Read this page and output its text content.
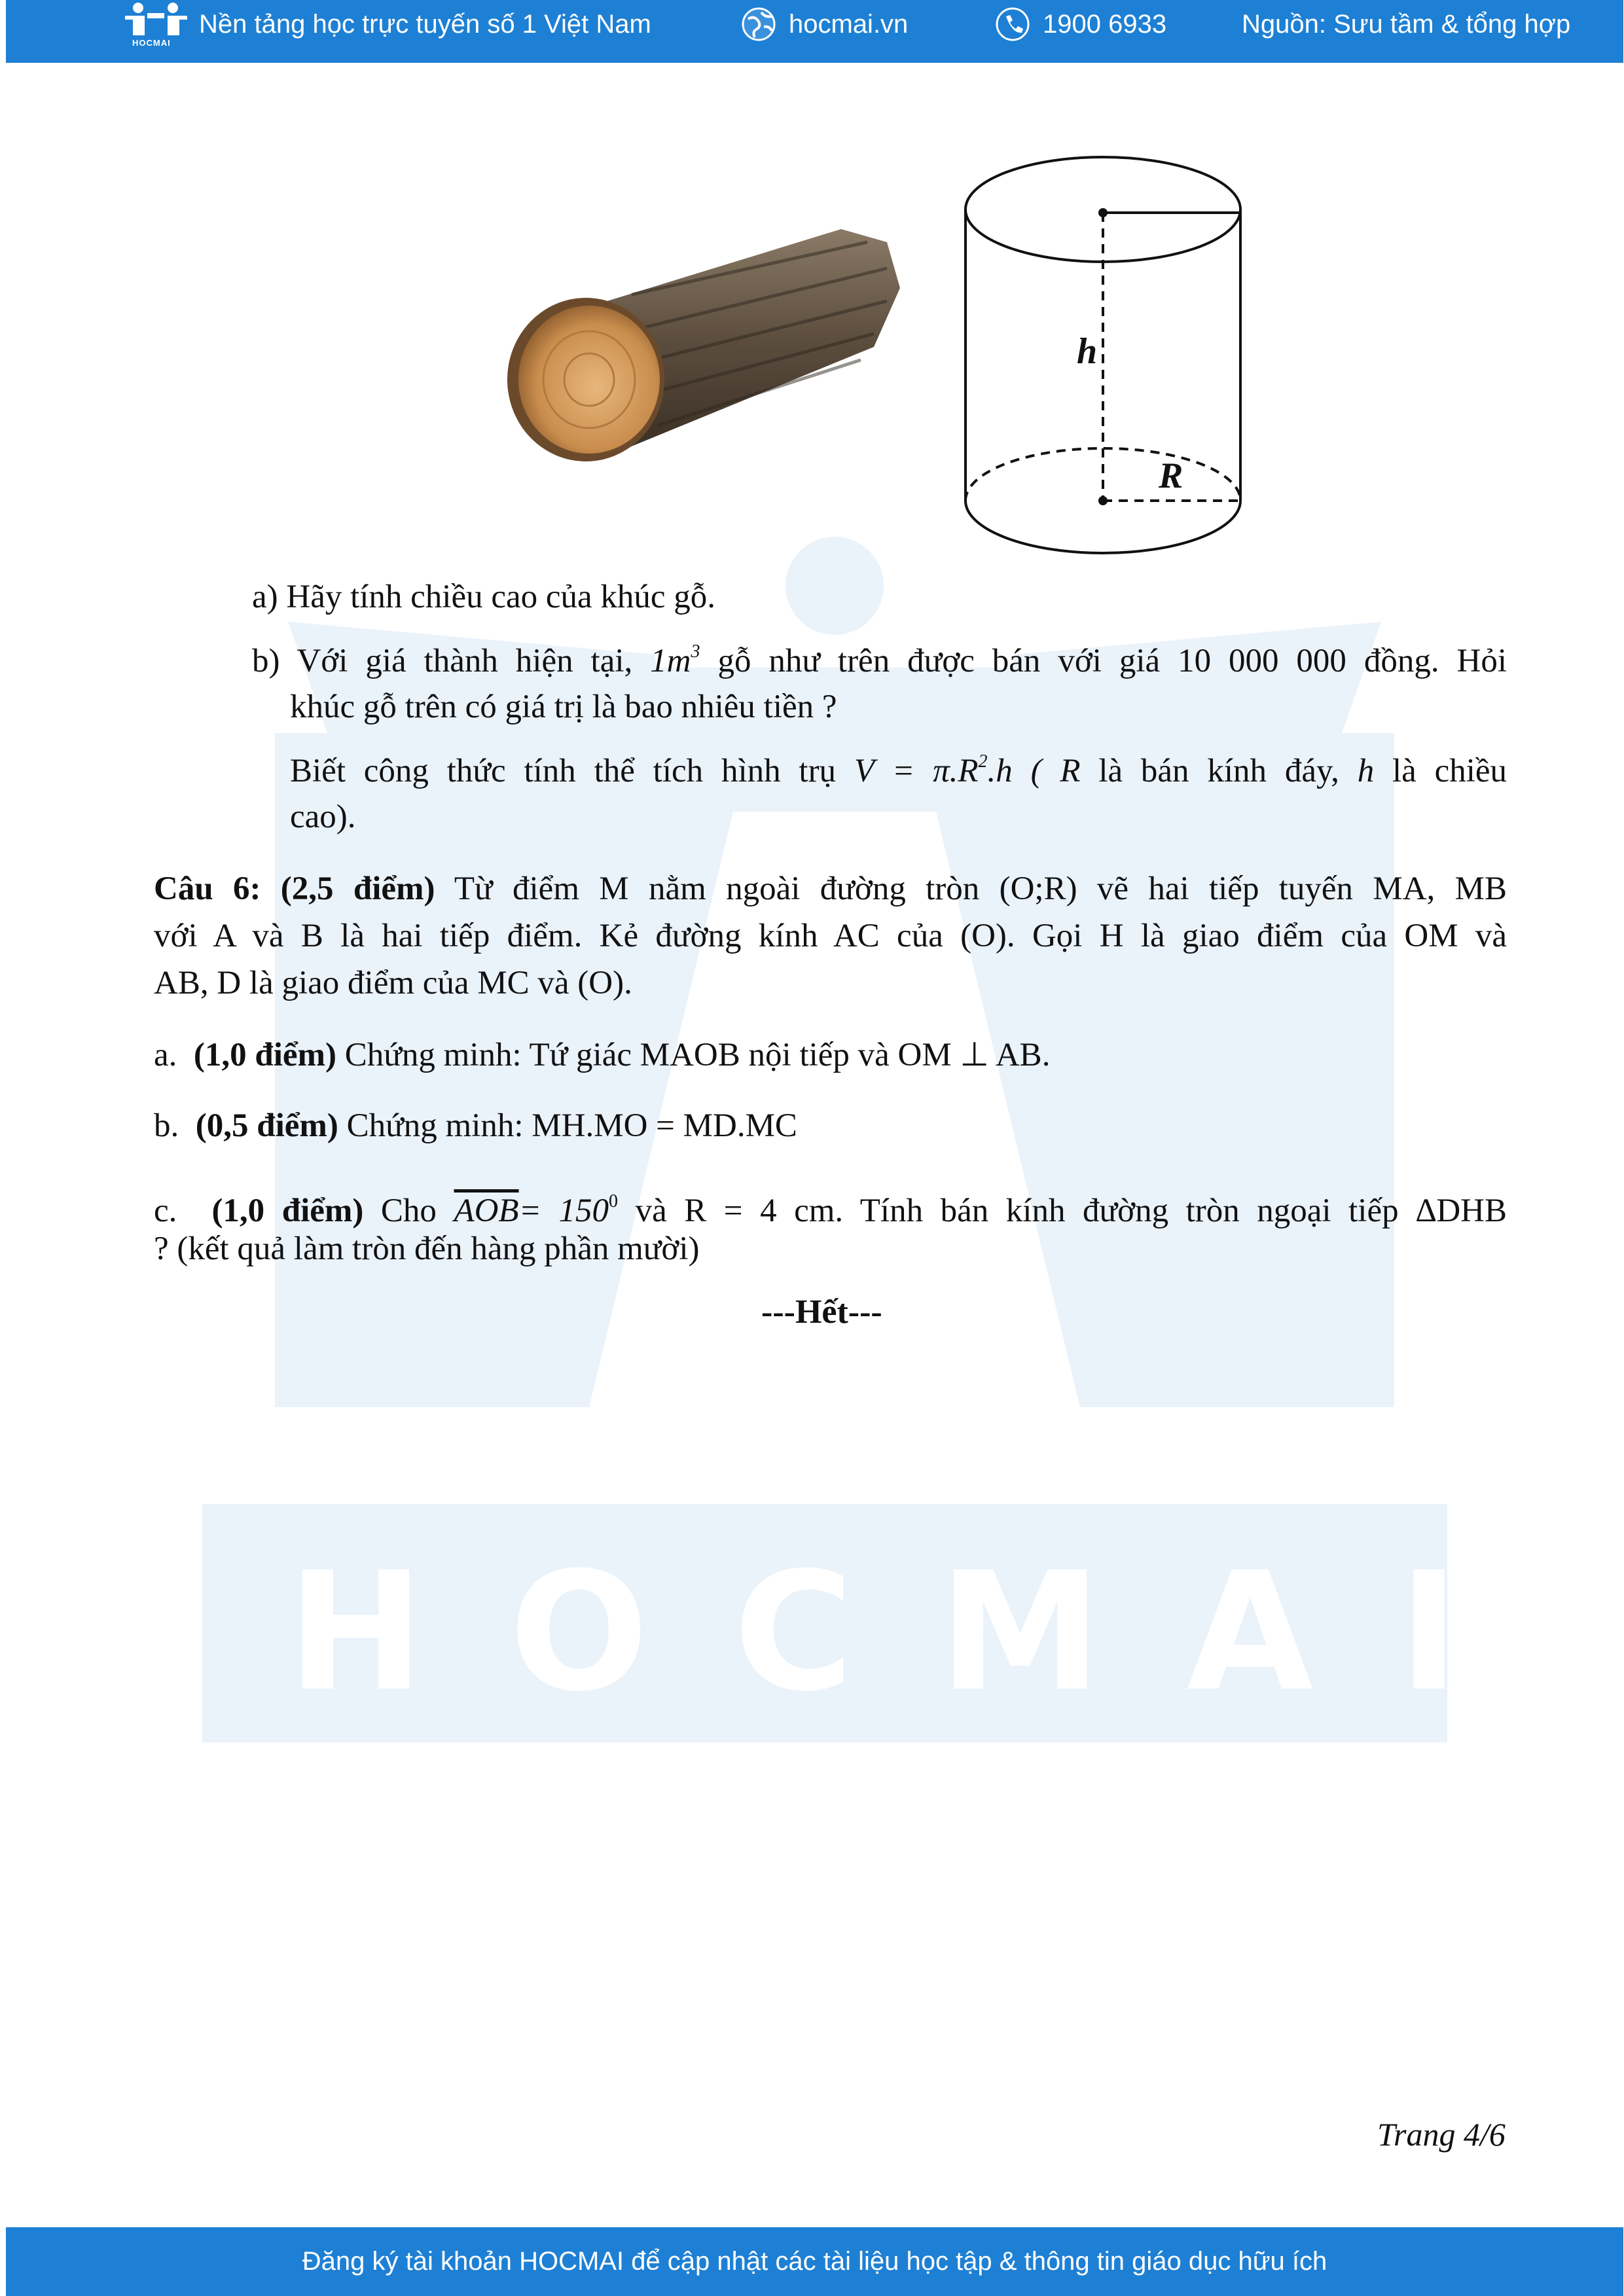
HOCMAI
HOCMAI
Nền tảng học trực tuyến số 1 Việt Nam	hocmai.vn	1900 6933	Nguồn: Sưu tầm & tổng hợp
h
R
a) Hãy tính chiều cao của khúc gỗ.
b) Với giá thành hiện tại, $1m^3$ gỗ như trên được bán với giá 10 000 000 đồng. Hỏi
khúc gỗ trên có giá trị là bao nhiêu tiền ?
Biết công thức tính thể tích hình trụ $V = \pi.R^2.h$ ( R là bán kính đáy, h là chiều
cao).
Câu 6: (2,5 điểm) Từ điểm M nằm ngoài đường tròn (O;R) vẽ hai tiếp tuyến MA, MB
với A và B là hai tiếp điểm. Kẻ đường kính AC của (O). Gọi H là giao điểm của OM và
AB, D là giao điểm của MC và (O).
a. (1,0 điểm) Chứng minh: Tứ giác MAOB nội tiếp và OM ⊥ AB.
b. (0,5 điểm) Chứng minh: MH.MO = MD.MC
c. (1,0 điểm) Cho $\overline{AOB}= 150^0$ và R = 4 cm. Tính bán kính đường tròn ngoại tiếp ∆DHB
? (kết quả làm tròn đến hàng phần mười)
---Hết---
Trang 4/6
Đăng ký tài khoản HOCMAI để cập nhật các tài liệu học tập & thông tin giáo dục hữu ích
